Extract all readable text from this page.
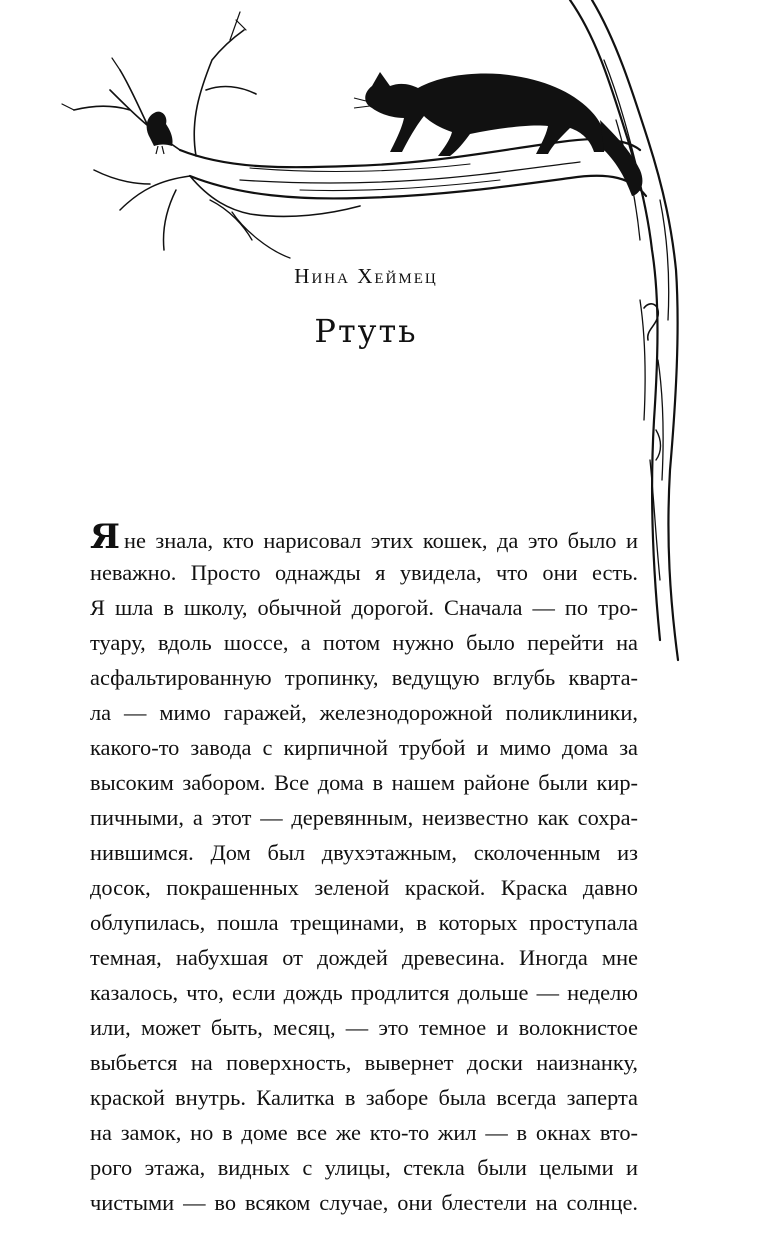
Нина Хеймец
Ртуть
Яне знала, кто нарисовал этих кошек, да это было и
неважно. Просто однажды я увидела, что они есть.
Я шла в школу, обычной дорогой. Сначала — по тро-
туару, вдоль шоссе, а потом нужно было перейти на
асфальтированную тропинку, ведущую вглубь кварта-
ла — мимо гаражей, железнодорожной поликлиники,
какого-то завода с кирпичной трубой и мимо дома за
высоким забором. Все дома в нашем районе были кир-
пичными, а этот — деревянным, неизвестно как сохра-
нившимся. Дом был двухэтажным, сколоченным из
досок, покрашенных зеленой краской. Краска давно
облупилась, пошла трещинами, в которых проступала
темная, набухшая от дождей древесина. Иногда мне
казалось, что, если дождь продлится дольше — неделю
или, может быть, месяц, — это темное и волокнистое
выбьется на поверхность, вывернет доски наизнанку,
краской внутрь. Калитка в заборе была всегда заперта
на замок, но в доме все же кто-то жил — в окнах вто-
рого этажа, видных с улицы, стекла были целыми и
чистыми — во всяком случае, они блестели на солнце.
